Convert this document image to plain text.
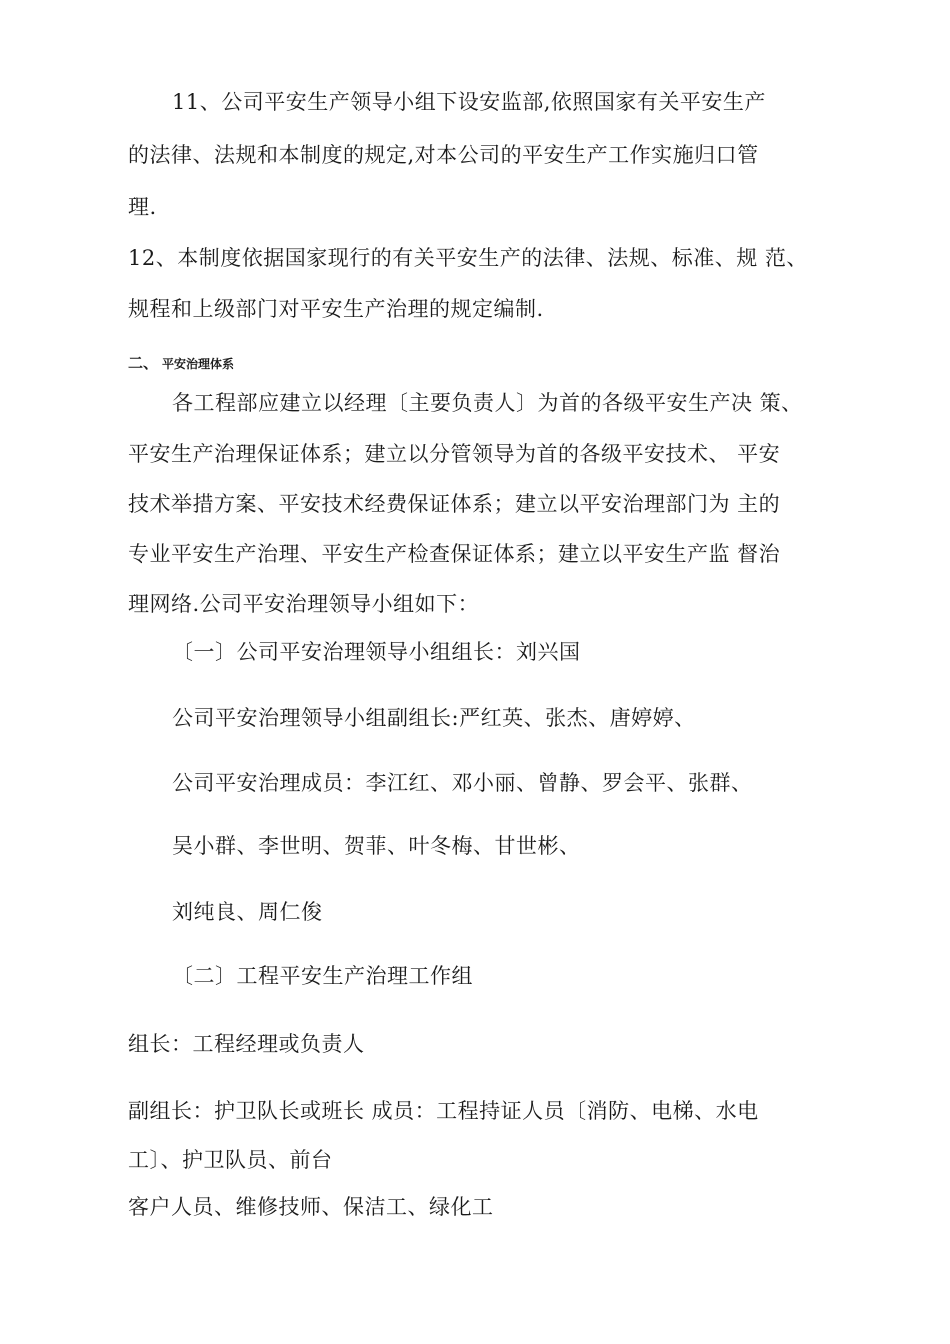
11、公司平安生产领导小组下设安监部,依照国家有关平安生产
的法律、法规和本制度的规定,对本公司的平安生产工作实施归口管
理.
12、本制度依据国家现行的有关平安生产的法律、法规、标准、规 范、
规程和上级部门对平安生产治理的规定编制.
二、 平安治理体系
各工程部应建立以经理〔主要负责人〕为首的各级平安生产决 策、
平安生产治理保证体系；建立以分管领导为首的各级平安技术、 平安
技术举措方案、平安技术经费保证体系；建立以平安治理部门为 主的
专业平安生产治理、平安生产检查保证体系；建立以平安生产监 督治
理网络.公司平安治理领导小组如下：
〔一〕公司平安治理领导小组组长：刘兴国
公司平安治理领导小组副组长:严红英、张杰、唐婷婷、
公司平安治理成员：李江红、邓小丽、曾静、罗会平、张群、
吴小群、李世明、贺菲、叶冬梅、甘世彬、
刘纯良、周仁俊
〔二〕工程平安生产治理工作组
组长：工程经理或负责人
副组长：护卫队长或班长 成员：工程持证人员〔消防、电梯、水电
工〕、护卫队员、前台
客户人员、维修技师、保洁工、绿化工
